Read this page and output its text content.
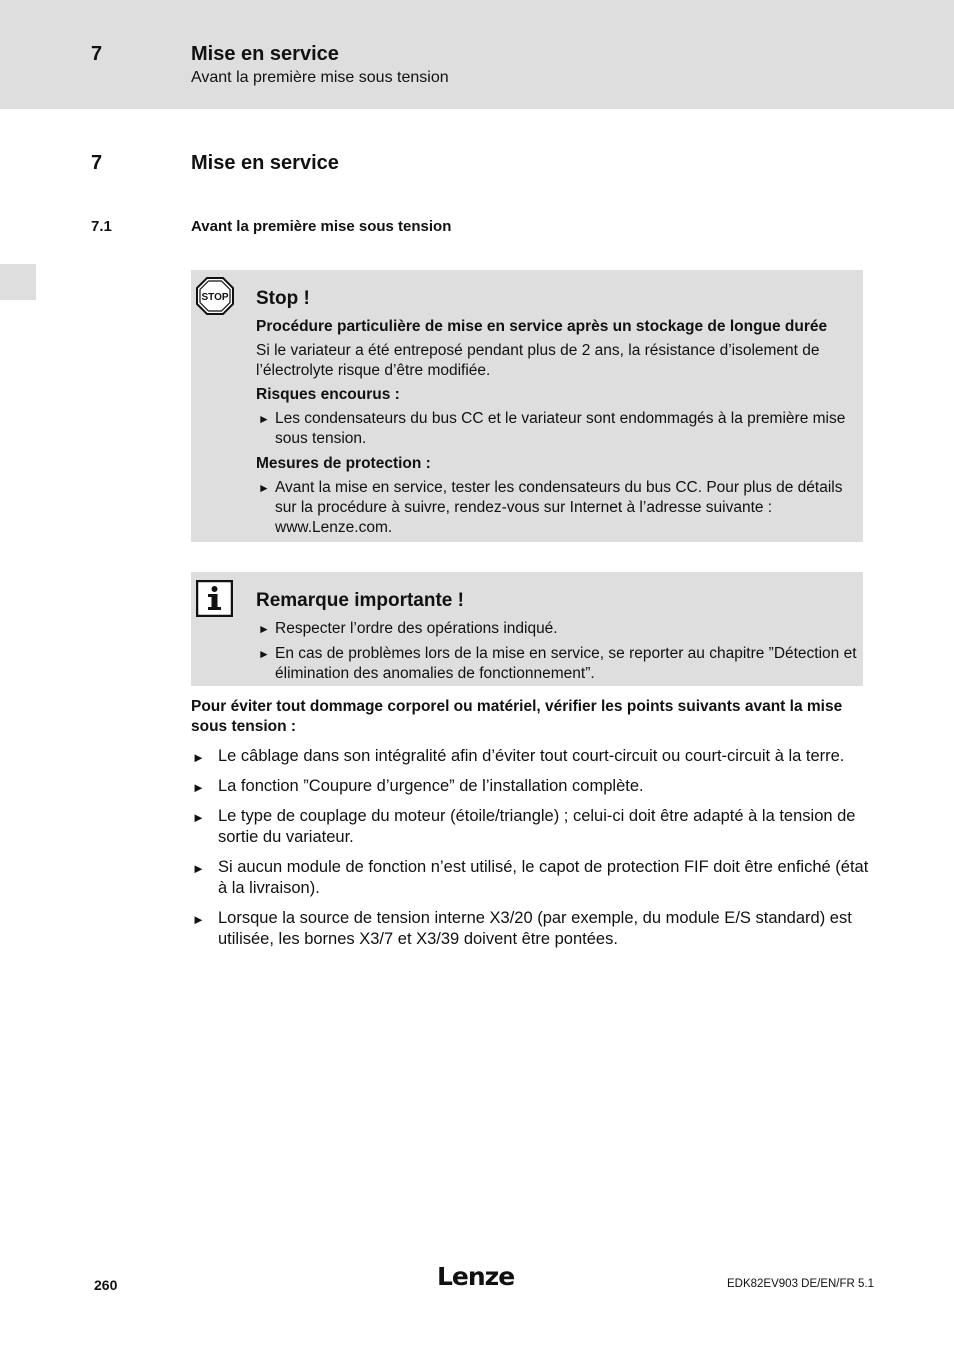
7	Mise en service
Avant la première mise sous tension
7	Mise en service
7.1	Avant la première mise sous tension
STOP Stop !
Procédure particulière de mise en service après un stockage de longue durée
Si le variateur a été entreposé pendant plus de 2 ans, la résistance d’isolement de l’électrolyte risque d’être modifiée.
Risques encourus :
► Les condensateurs du bus CC et le variateur sont endommagés à la première mise sous tension.
Mesures de protection :
► Avant la mise en service, tester les condensateurs du bus CC. Pour plus de détails sur la procédure à suivre, rendez-vous sur Internet à l’adresse suivante : www.Lenze.com.
Remarque importante !
► Respecter l’ordre des opérations indiqué.
► En cas de problèmes lors de la mise en service, se reporter au chapitre ”Détection et élimination des anomalies de fonctionnement”.
Pour éviter tout dommage corporel ou matériel, vérifier les points suivants avant la mise sous tension :
► Le câblage dans son intégralité afin d’éviter tout court-circuit ou court-circuit à la terre.
► La fonction ”Coupure d’urgence” de l’installation complète.
► Le type de couplage du moteur (étoile/triangle) ; celui-ci doit être adapté à la tension de sortie du variateur.
► Si aucun module de fonction n’est utilisé, le capot de protection FIF doit être enfiché (état à la livraison).
► Lorsque la source de tension interne X3/20 (par exemple, du module E/S standard) est utilisée, les bornes X3/7 et X3/39 doivent être pontées.
260	Lenze	EDK82EV903 DE/EN/FR 5.1
